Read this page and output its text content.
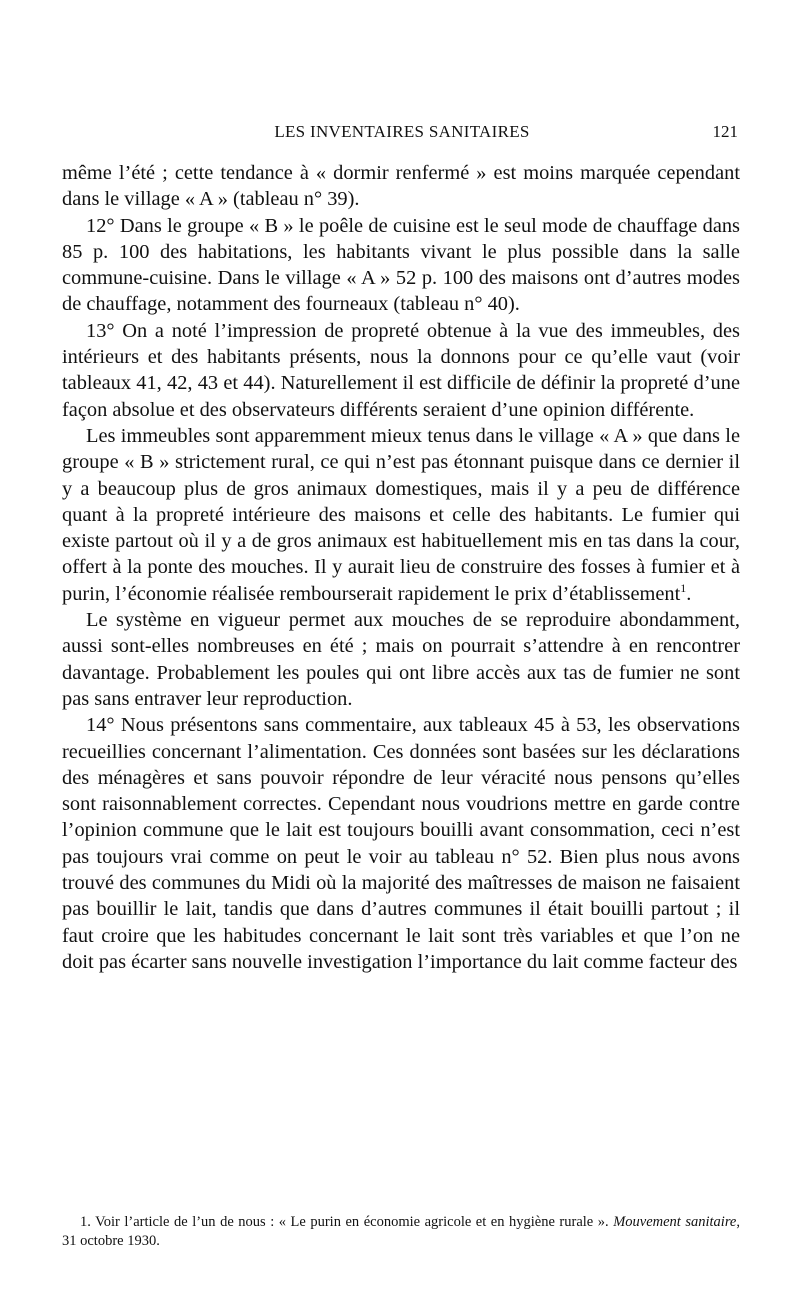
LES INVENTAIRES SANITAIRES	121

même l’été ; cette tendance à « dormir renfermé » est moins marquée cependant dans le village « A » (tableau n° 39).

12° Dans le groupe « B » le poêle de cuisine est le seul mode de chauffage dans 85 p. 100 des habitations, les habitants vivant le plus possible dans la salle commune-cuisine. Dans le village « A » 52 p. 100 des maisons ont d’autres modes de chauffage, notamment des fourneaux (tableau n° 40).

13° On a noté l’impression de propreté obtenue à la vue des immeubles, des intérieurs et des habitants présents, nous la donnons pour ce qu’elle vaut (voir tableaux 41, 42, 43 et 44). Naturellement il est difficile de définir la propreté d’une façon absolue et des observateurs différents seraient d’une opinion différente.

Les immeubles sont apparemment mieux tenus dans le village « A » que dans le groupe « B » strictement rural, ce qui n’est pas étonnant puisque dans ce dernier il y a beaucoup plus de gros animaux domestiques, mais il y a peu de différence quant à la propreté intérieure des maisons et celle des habitants. Le fumier qui existe partout où il y a de gros animaux est habituellement mis en tas dans la cour, offert à la ponte des mouches. Il y aurait lieu de construire des fosses à fumier et à purin, l’économie réalisée rembourserait rapidement le prix d’établissement$^1$.

Le système en vigueur permet aux mouches de se reproduire abondamment, aussi sont-elles nombreuses en été ; mais on pourrait s’attendre à en rencontrer davantage. Probablement les poules qui ont libre accès aux tas de fumier ne sont pas sans entraver leur reproduction.

14° Nous présentons sans commentaire, aux tableaux 45 à 53, les observations recueillies concernant l’alimentation. Ces données sont basées sur les déclarations des ménagères et sans pouvoir répondre de leur véracité nous pensons qu’elles sont raisonnablement correctes. Cependant nous voudrions mettre en garde contre l’opinion commune que le lait est toujours bouilli avant consommation, ceci n’est pas toujours vrai comme on peut le voir au tableau n° 52. Bien plus nous avons trouvé des communes du Midi où la majorité des maîtresses de maison ne faisaient pas bouillir le lait, tandis que dans d’autres communes il était bouilli partout ; il faut croire que les habitudes concernant le lait sont très variables et que l’on ne doit pas écarter sans nouvelle investigation l’importance du lait comme facteur des

1. Voir l’article de l’un de nous : « Le purin en économie agricole et en hygiène rurale ». Mouvement sanitaire, 31 octobre 1930.
